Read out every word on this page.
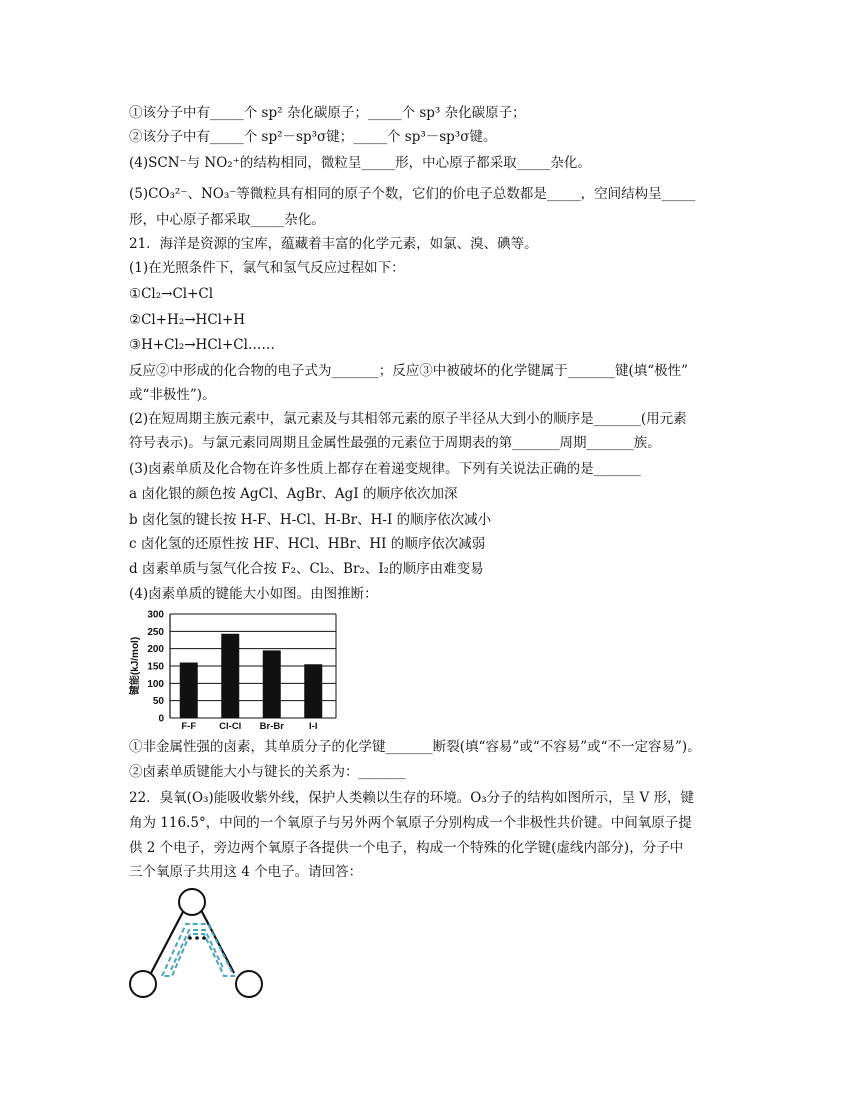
①该分子中有_____个 sp² 杂化碳原子；_____个 sp³ 杂化碳原子；
②该分子中有_____个 sp²－sp³σ键；_____个 sp³－sp³σ键。
(4)SCN⁻与 NO₂⁺的结构相同，微粒呈_____形，中心原子都采取_____杂化。
(5)CO₃²⁻、NO₃⁻等微粒具有相同的原子个数，它们的价电子总数都是_____，空间结构呈_____
形，中心原子都采取_____杂化。
21．海洋是资源的宝库，蕴藏着丰富的化学元素，如氯、溴、碘等。
(1)在光照条件下，氯气和氢气反应过程如下：
①Cl₂→Cl+Cl
②Cl+H₂→HCl+H
③H+Cl₂→HCl+Cl……
反应②中形成的化合物的电子式为_______；反应③中被破坏的化学键属于_______键(填“极性”
或“非极性”)。
(2)在短周期主族元素中，氯元素及与其相邻元素的原子半径从大到小的顺序是_______(用元素
符号表示)。与氯元素同周期且金属性最强的元素位于周期表的第_______周期_______族。
(3)卤素单质及化合物在许多性质上都存在着递变规律。下列有关说法正确的是_______
a 卤化银的颜色按 AgCl、AgBr、AgI 的顺序依次加深
b 卤化氢的键长按 H-F、H-Cl、H-Br、H-I 的顺序依次减小
c 卤化氢的还原性按 HF、HCl、HBr、HI 的顺序依次减弱
d 卤素单质与氢气化合按 F₂、Cl₂、Br₂、I₂的顺序由难变易
(4)卤素单质的键能大小如图。由图推断：
①非金属性强的卤素，其单质分子的化学键_______断裂(填“容易”或“不容易”或“不一定容易”)。
②卤素单质键能大小与键长的关系为：_______
22．臭氧(O₃)能吸收紫外线，保护人类赖以生存的环境。O₃分子的结构如图所示，呈 V 形，键
角为 116.5°，中间的一个氧原子与另外两个氧原子分别构成一个非极性共价键。中间氧原子提
供 2 个电子，旁边两个氧原子各提供一个电子，构成一个特殊的化学键(虚线内部分)，分子中
三个氧原子共用这 4 个电子。请回答：
0
50
100
150
200
250
300
F-F Cl-Cl Br-Br	I-I
键能(kJ/mol)
